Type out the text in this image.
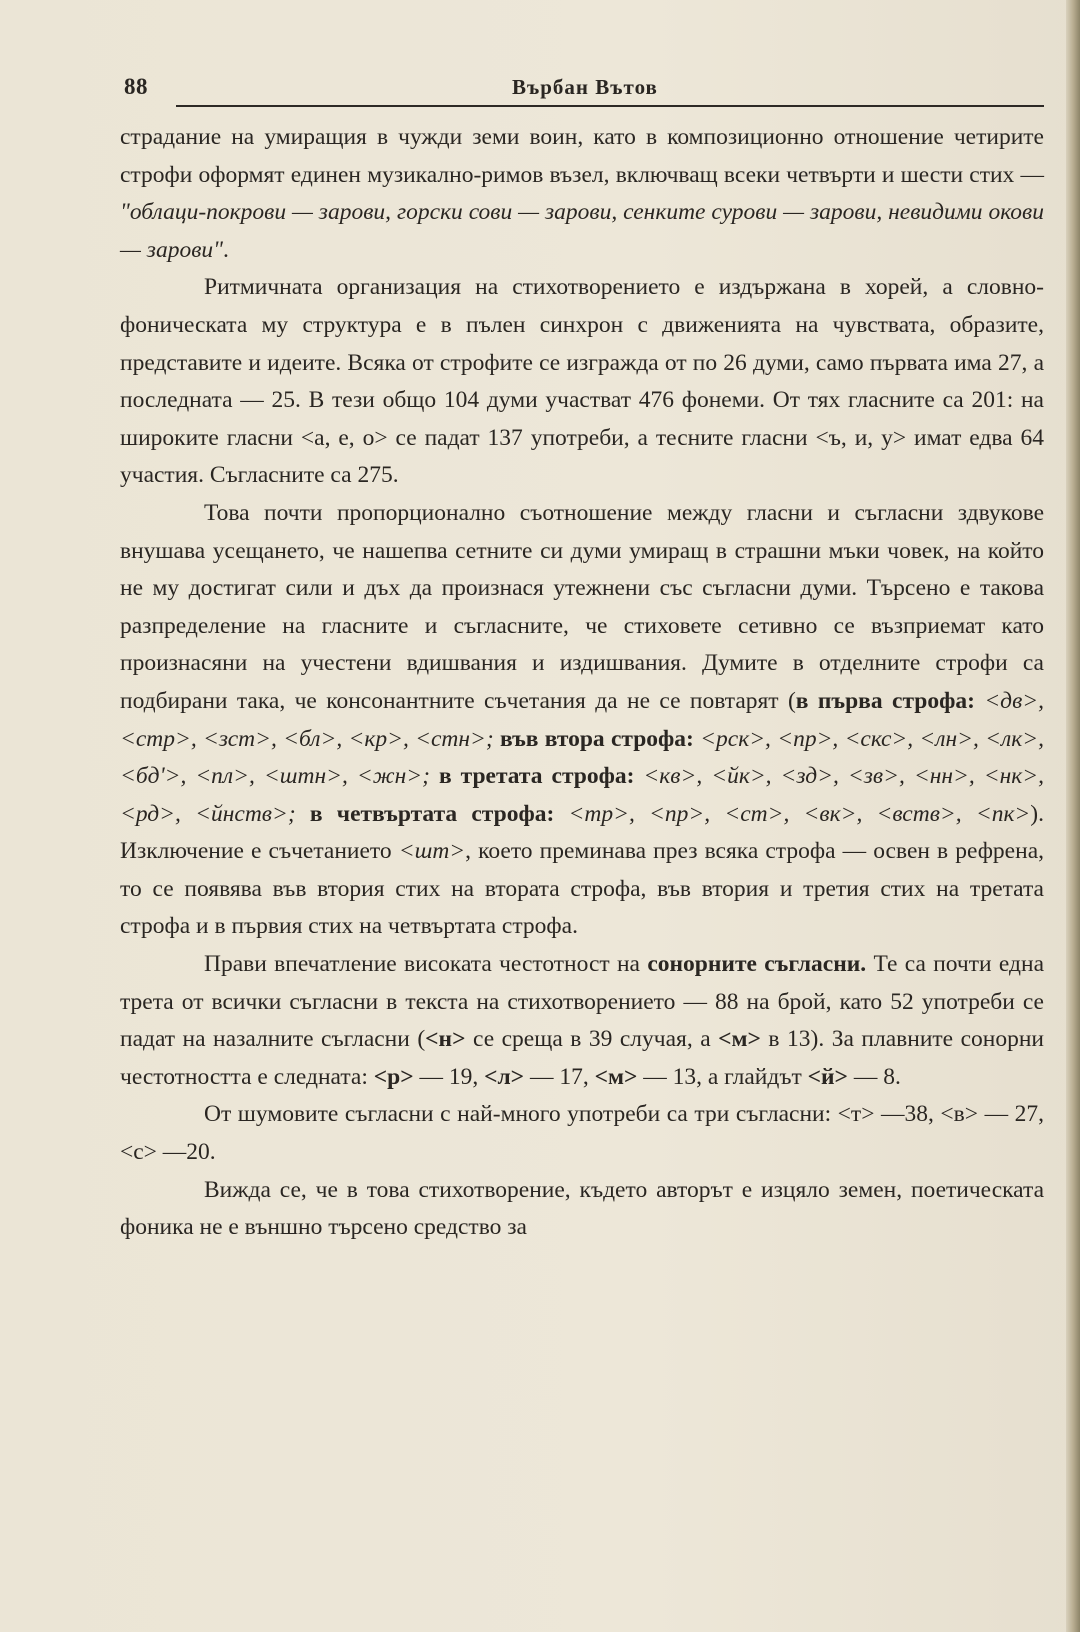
88	Върбан Вътов

страдание на умиращия в чужди земи воин, като в композиционно отношение четирите строфи оформят единен музикално-римов възел, включващ всеки четвърти и шести стих — "облаци-покрови — зарови, горски сови — зарови, сенките сурови — зарови, невидими окови — зарови".

Ритмичната организация на стихотворението е издържана в хорей, а словно-фоническата му структура е в пълен синхрон с движенията на чувствата, образите, представите и идеите. Всяка от строфите се изгражда от по 26 думи, само първата има 27, а последната — 25. В тези общо 104 думи участват 476 фонеми. От тях гласните са 201: на широките гласни <а, е, о> се падат 137 употреби, а тесните гласни <ъ, и, у> имат едва 64 участия. Съгласните са 275.

Това почти пропорционално съотношение между гласни и съгласни здвукове внушава усещането, че нашепва сетните си думи умиращ в страшни мъки човек, на който не му достигат сили и дъх да произнася утежнени със съгласни думи. Търсено е такова разпределение на гласните и съгласните, че стиховете сетивно се възприемат като произнасяни на учестени вдишвания и издишвания. Думите в отделните строфи са подбирани така, че консонантните съчетания да не се повтарят (в първа строфа: <дв>, <стр>, <зст>, <бл>, <кр>, <стн>; във втора строфа: <рск>, <пр>, <скс>, <лн>, <лк>, <бд'>, <пл>, <штн>, <жн>; в третата строфа: <кв>, <йк>, <зд>, <зв>, <нн>, <нк>, <рд>, <йнств>; в четвъртата строфа: <тр>, <пр>, <ст>, <вк>, <вств>, <пк>). Изключение е съчетанието <шт>, което преминава през всяка строфа — освен в рефрена, то се появява във втория стих на втората строфа, във втория и третия стих на третата строфа и в първия стих на четвъртата строфа.

Прави впечатление високата честотност на сонорните съгласни. Те са почти една трета от всички съгласни в текста на стихотворението — 88 на брой, като 52 употреби се падат на назалните съгласни (<н> се среща в 39 случая, а <м> в 13). За плавните сонорни честотността е следната: <р> — 19, <л> — 17, <м> — 13, а глайдът <й> — 8.

От шумовите съгласни с най-много употреби са три съгласни: <т> —38, <в> — 27, <с> —20.

Вижда се, че в това стихотворение, където авторът е изцяло земен, поетическата фоника не е външно търсено средство за
